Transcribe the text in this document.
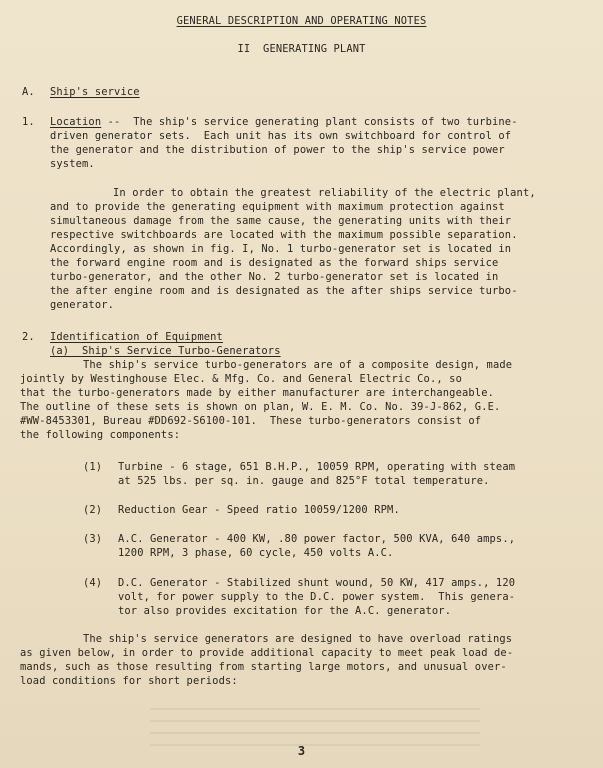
GENERAL DESCRIPTION AND OPERATING NOTES
II  GENERATING PLANT
A. Ship's service
1. Location --  The ship's service generating plant consists of two turbine-
driven generator sets.  Each unit has its own switchboard for control of
the generator and the distribution of power to the ship's service power
system.
In order to obtain the greatest reliability of the electric plant,
and to provide the generating equipment with maximum protection against
simultaneous damage from the same cause, the generating units with their
respective switchboards are located with the maximum possible separation.
Accordingly, as shown in fig. I, No. 1 turbo-generator set is located in
the forward engine room and is designated as the forward ships service
turbo-generator, and the other No. 2 turbo-generator set is located in
the after engine room and is designated as the after ships service turbo-
generator.
2. Identification of Equipment
(a)  Ship's Service Turbo-Generators
The ship's service turbo-generators are of a composite design, made
jointly by Westinghouse Elec. & Mfg. Co. and General Electric Co., so
that the turbo-generators made by either manufacturer are interchangeable.
The outline of these sets is shown on plan, W. E. M. Co. No. 39-J-862, G.E.
#WW-8453301, Bureau #DD692-S6100-101.  These turbo-generators consist of
the following components:
(1) Turbine - 6 stage, 651 B.H.P., 10059 RPM, operating with steam
at 525 lbs. per sq. in. gauge and 825°F total temperature.
(2) Reduction Gear - Speed ratio 10059/1200 RPM.
(3) A.C. Generator - 400 KW, .80 power factor, 500 KVA, 640 amps.,
1200 RPM, 3 phase, 60 cycle, 450 volts A.C.
(4) D.C. Generator - Stabilized shunt wound, 50 KW, 417 amps., 120
volt, for power supply to the D.C. power system.  This genera-
tor also provides excitation for the A.C. generator.
The ship's service generators are designed to have overload ratings
as given below, in order to provide additional capacity to meet peak load de-
mands, such as those resulting from starting large motors, and unusual over-
load conditions for short periods:
3
